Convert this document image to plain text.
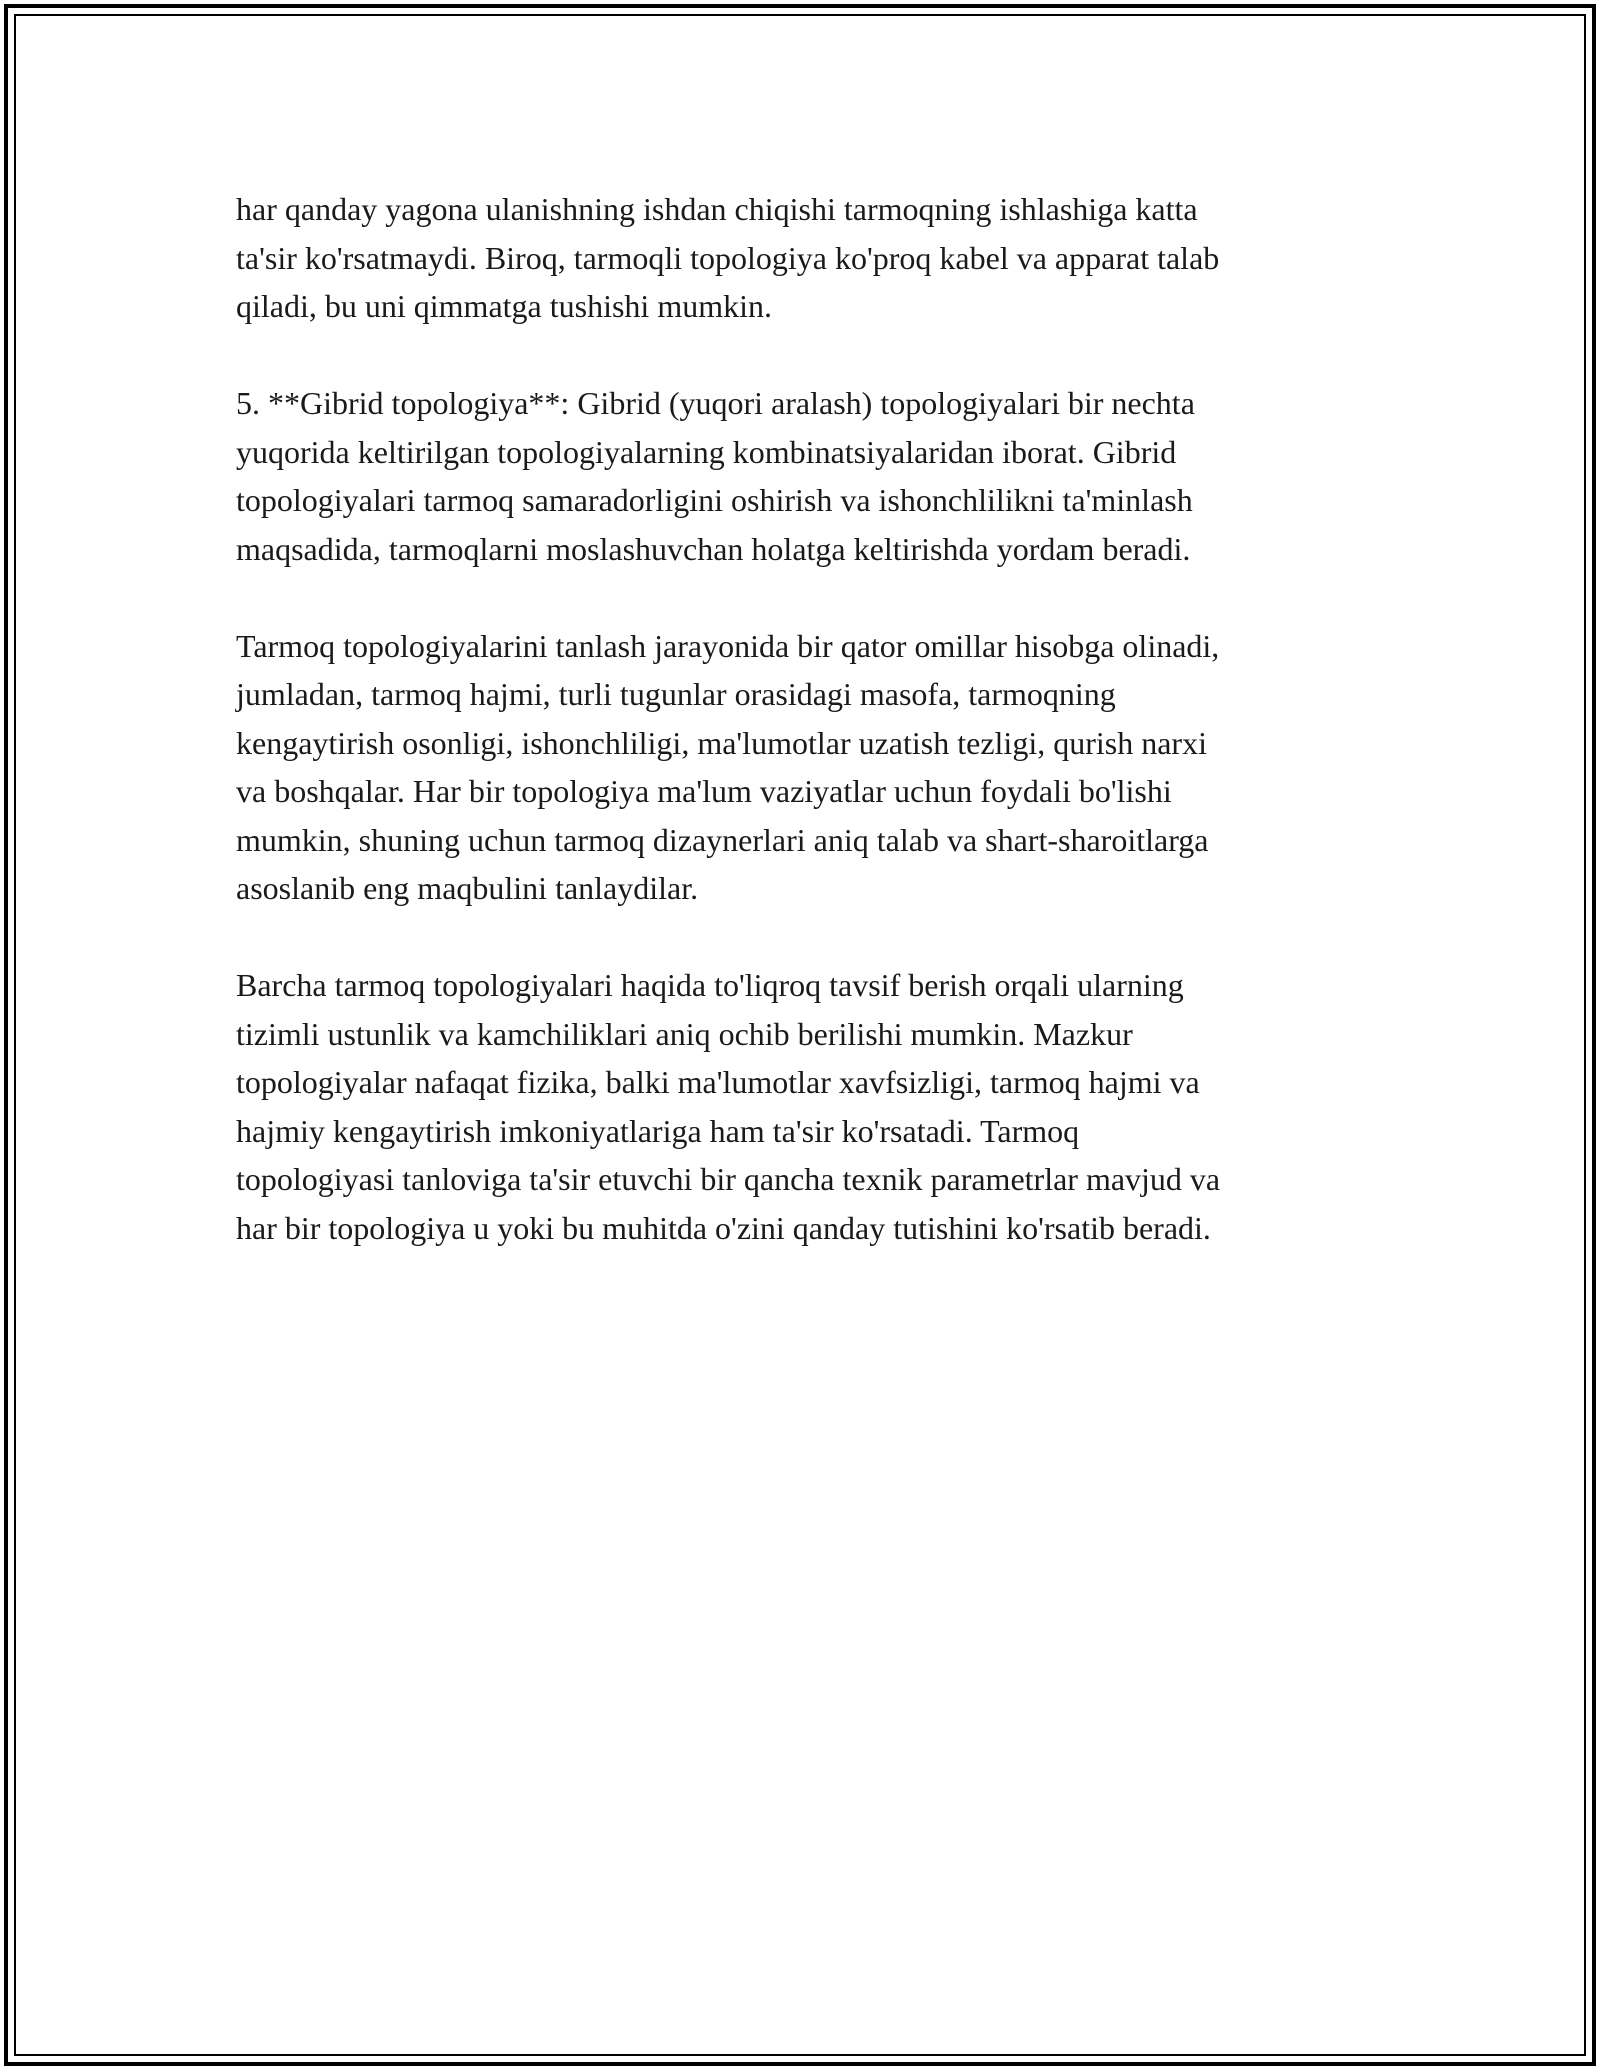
har qanday yagona ulanishning ishdan chiqishi tarmoqning ishlashiga katta
ta'sir ko'rsatmaydi. Biroq, tarmoqli topologiya ko'proq kabel va apparat talab
qiladi, bu uni qimmatga tushishi mumkin.

5. **Gibrid topologiya**: Gibrid (yuqori aralash) topologiyalari bir nechta
yuqorida keltirilgan topologiyalarning kombinatsiyalaridan iborat. Gibrid
topologiyalari tarmoq samaradorligini oshirish va ishonchlilikni ta'minlash
maqsadida, tarmoqlarni moslashuvchan holatga keltirishda yordam beradi.

Tarmoq topologiyalarini tanlash jarayonida bir qator omillar hisobga olinadi,
jumladan, tarmoq hajmi, turli tugunlar orasidagi masofa, tarmoqning
kengaytirish osonligi, ishonchliligi, ma'lumotlar uzatish tezligi, qurish narxi
va boshqalar. Har bir topologiya ma'lum vaziyatlar uchun foydali bo'lishi
mumkin, shuning uchun tarmoq dizaynerlari aniq talab va shart-sharoitlarga
asoslanib eng maqbulini tanlaydilar.

Barcha tarmoq topologiyalari haqida to'liqroq tavsif berish orqali ularning
tizimli ustunlik va kamchiliklari aniq ochib berilishi mumkin. Mazkur
topologiyalar nafaqat fizika, balki ma'lumotlar xavfsizligi, tarmoq hajmi va
hajmiy kengaytirish imkoniyatlariga ham ta'sir ko'rsatadi. Tarmoq
topologiyasi tanloviga ta'sir etuvchi bir qancha texnik parametrlar mavjud va
har bir topologiya u yoki bu muhitda o'zini qanday tutishini ko'rsatib beradi.
